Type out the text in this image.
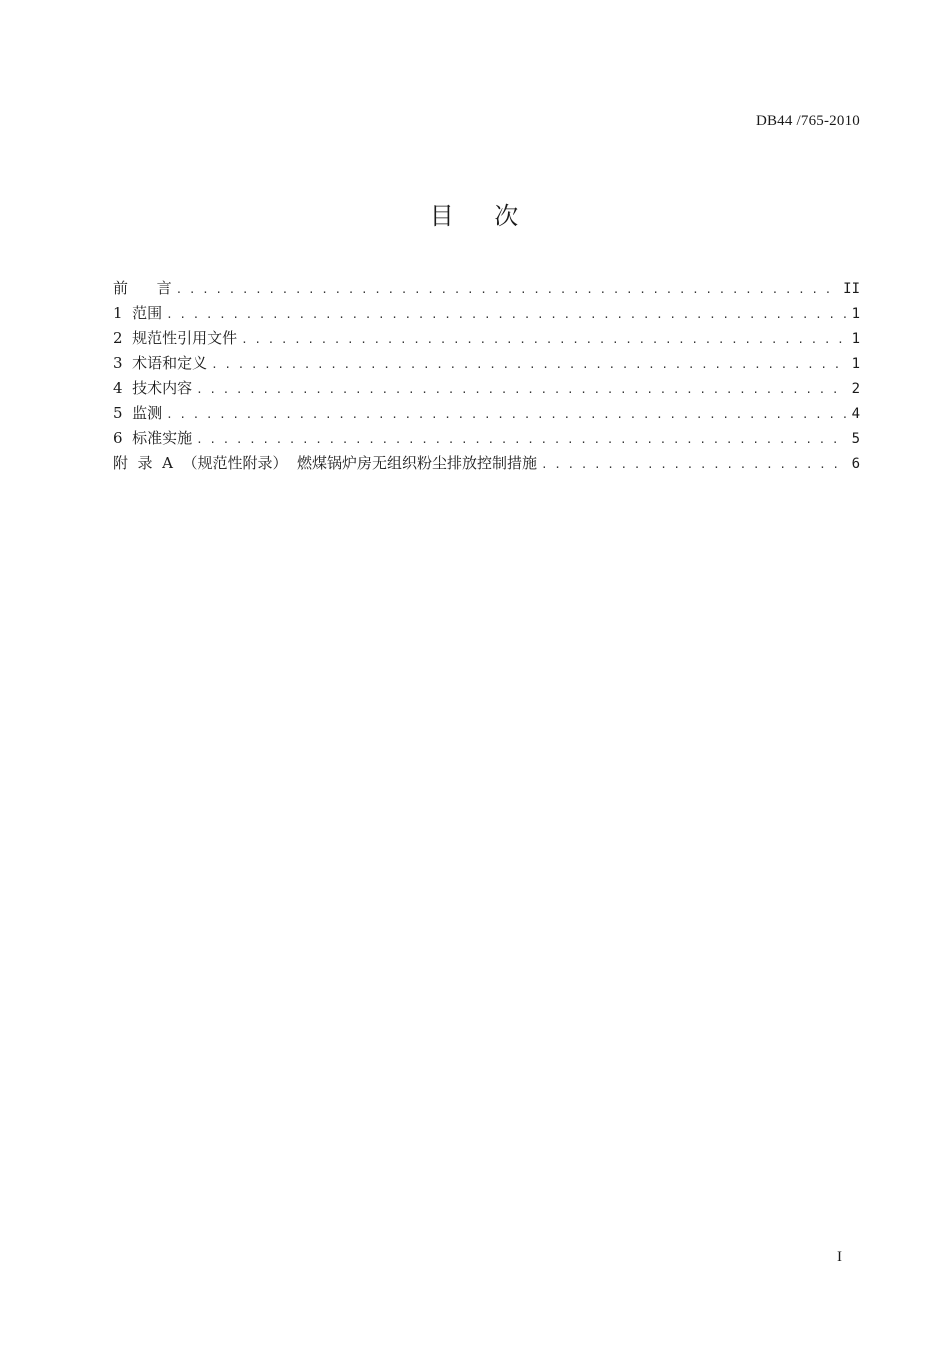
DB44 /765-2010
目    次
前      言 . . .	II
1  范围 . . .	1
2  规范性引用文件 . . .	1
3  术语和定义 . . .	1
4  技术内容 . . .	2
5  监测 . . .	4
6  标准实施 . . .	5
附  录  A  （规范性附录）  燃煤锅炉房无组织粉尘排放控制措施 . . .	6
I
